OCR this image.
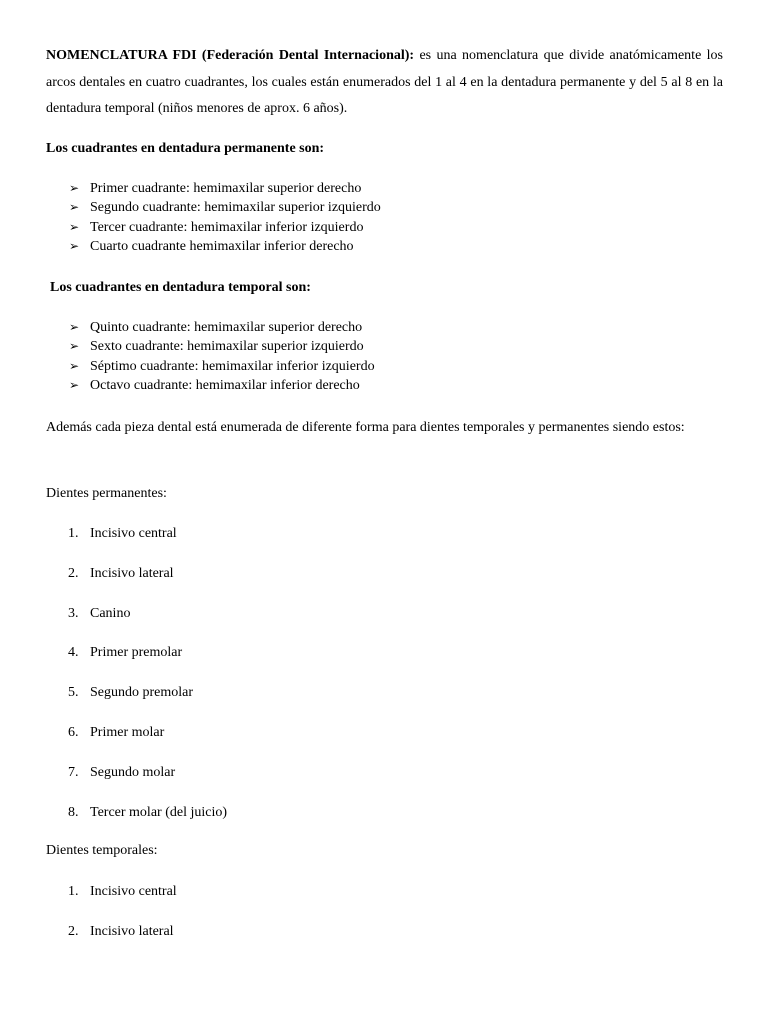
NOMENCLATURA FDI (Federación Dental Internacional): es una nomenclatura que divide anatómicamente los arcos dentales en cuatro cuadrantes, los cuales están enumerados del 1 al 4 en la dentadura permanente y del 5 al 8 en la dentadura temporal (niños menores de aprox. 6 años).

Los cuadrantes en dentadura permanente son:
➢ Primer cuadrante: hemimaxilar superior derecho
➢ Segundo cuadrante: hemimaxilar superior izquierdo
➢ Tercer cuadrante: hemimaxilar inferior izquierdo
➢ Cuarto cuadrante hemimaxilar inferior derecho
Los cuadrantes en dentadura temporal son:
➢ Quinto cuadrante: hemimaxilar superior derecho
➢ Sexto cuadrante: hemimaxilar superior izquierdo
➢ Séptimo cuadrante: hemimaxilar inferior izquierdo
➢ Octavo cuadrante: hemimaxilar inferior derecho

Además cada pieza dental está enumerada de diferente forma para dientes temporales y permanentes siendo estos:

Dientes permanentes:
1. Incisivo central
2. Incisivo lateral
3. Canino
4. Primer premolar
5. Segundo premolar
6. Primer molar
7. Segundo molar
8. Tercer molar (del juicio)
Dientes temporales:
1. Incisivo central
2. Incisivo lateral
